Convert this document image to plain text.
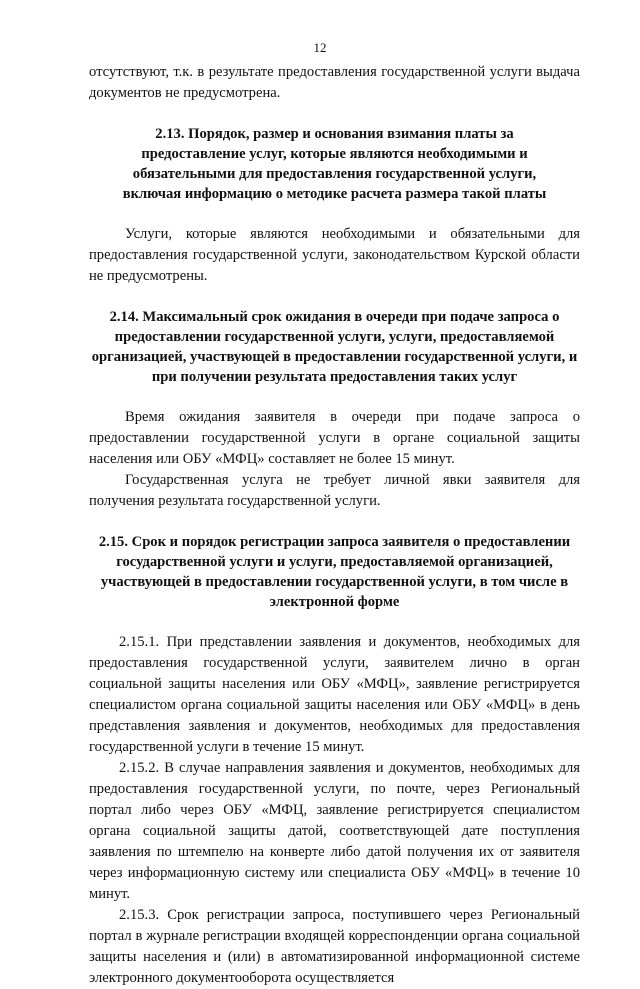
12

отсутствуют, т.к. в результате предоставления государственной услуги выдача документов не предусмотрена.

2.13. Порядок, размер и основания взимания платы за предоставление услуг, которые являются необходимыми и обязательными для предоставления государственной услуги, включая информацию о методике расчета размера такой платы

Услуги, которые являются необходимыми и обязательными для предоставления государственной услуги, законодательством Курской области не предусмотрены.

2.14. Максимальный срок ожидания в очереди при подаче запроса о предоставлении государственной услуги, услуги, предоставляемой организацией, участвующей в предоставлении государственной услуги, и при получении результата предоставления таких услуг

Время ожидания заявителя в очереди при подаче запроса о предоставлении государственной услуги в органе социальной защиты населения или ОБУ «МФЦ» составляет не более 15 минут.

Государственная услуга не требует личной явки заявителя для получения результата государственной услуги.

2.15. Срок и порядок регистрации запроса заявителя о предоставлении государственной услуги и услуги, предоставляемой организацией, участвующей в предоставлении государственной услуги, в том числе в электронной форме

2.15.1. При представлении заявления и документов, необходимых для предоставления государственной услуги, заявителем лично в орган социальной защиты населения или ОБУ «МФЦ», заявление регистрируется специалистом органа социальной защиты населения или ОБУ «МФЦ» в день представления заявления и документов, необходимых для предоставления государственной услуги в течение 15 минут.

2.15.2. В случае направления заявления и документов, необходимых для предоставления государственной услуги, по почте, через Региональный портал либо через ОБУ «МФЦ, заявление регистрируется специалистом органа социальной защиты датой, соответствующей дате поступления заявления по штемпелю на конверте либо датой получения их от заявителя через информационную систему или специалиста ОБУ «МФЦ» в течение 10 минут.

2.15.3. Срок регистрации запроса, поступившего через Региональный портал в журнале регистрации входящей корреспонденции органа социальной защиты населения и (или) в автоматизированной информационной системе электронного документооборота осуществляется
